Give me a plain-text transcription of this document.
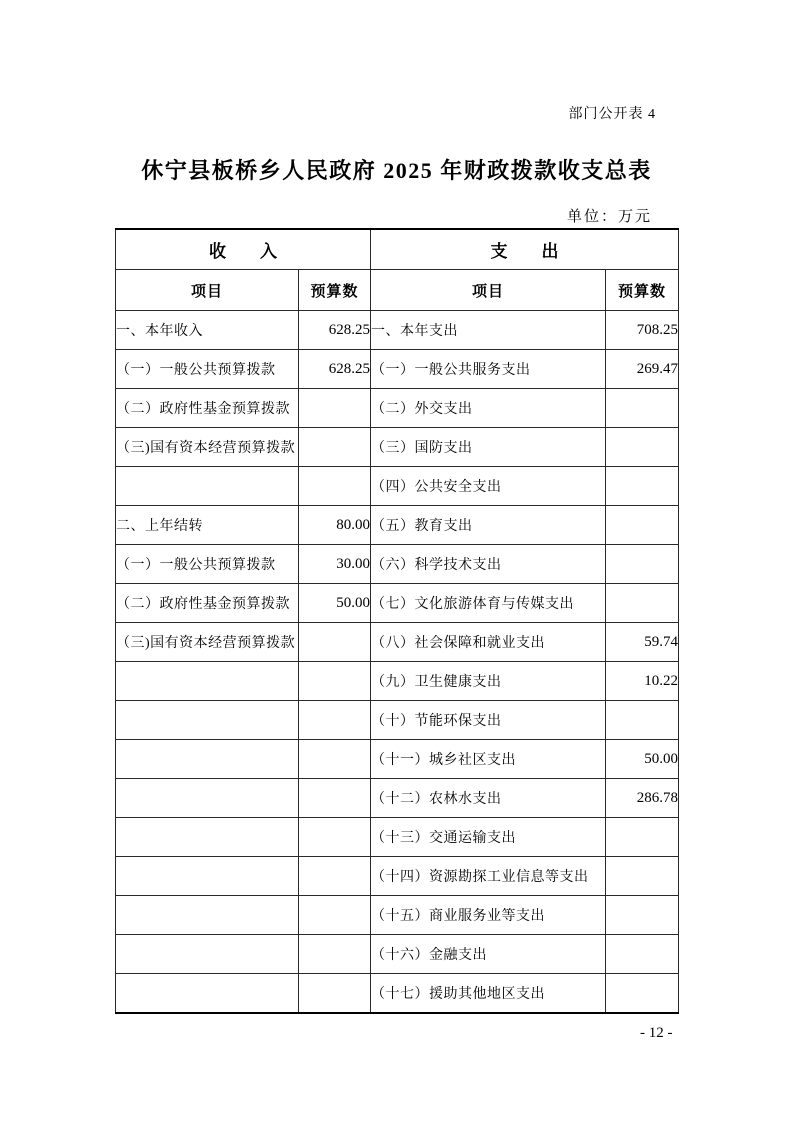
部门公开表 4
休宁县板桥乡人民政府 2025 年财政拨款收支总表
单位：万元
收　　入		支　　出	
项目	预算数	项目	预算数
一、本年收入	628.25	一、本年支出	708.25
（一）一般公共预算拨款	628.25	（一）一般公共服务支出	269.47
（二）政府性基金预算拨款		（二）外交支出	
（三)国有资本经营预算拨款		（三）国防支出	
		（四）公共安全支出	
二、上年结转	80.00	（五）教育支出	
（一）一般公共预算拨款	30.00	（六）科学技术支出	
（二）政府性基金预算拨款	50.00	（七）文化旅游体育与传媒支出	
（三)国有资本经营预算拨款		（八）社会保障和就业支出	59.74
		（九）卫生健康支出	10.22
		（十）节能环保支出	
		（十一）城乡社区支出	50.00
		（十二）农林水支出	286.78
		（十三）交通运输支出	
		（十四）资源勘探工业信息等支出	
		（十五）商业服务业等支出	
		（十六）金融支出	
		（十七）援助其他地区支出	
- 12 -
